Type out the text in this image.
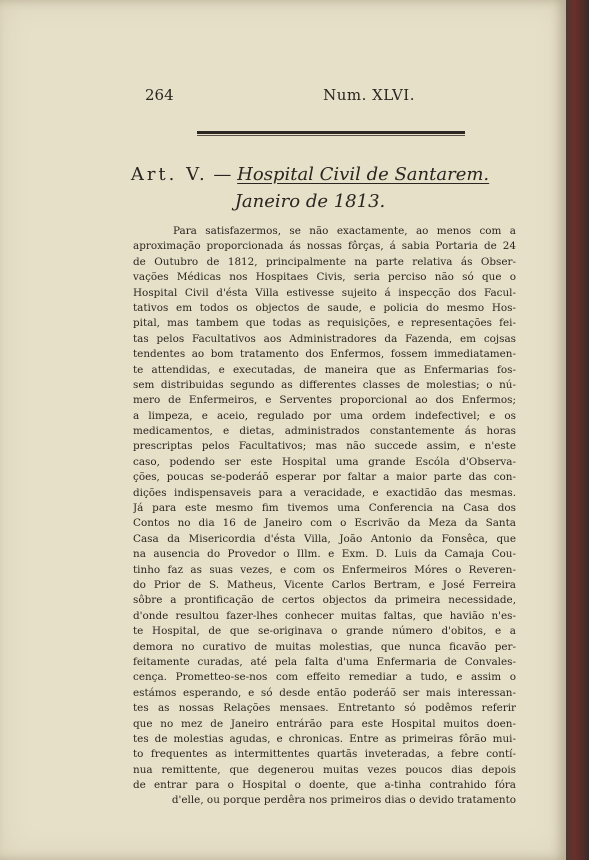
264	Num. XLVI.
Art. V. — Hospital Civil de Santarem.
Janeiro de 1813.
Para satisfazermos, se não exactamente, ao menos com a
aproximação proporcionada ás nossas fôrças, á sabia Portaria de 24
de Outubro de 1812, principalmente na parte relativa ás Obser-
vações Médicas nos Hospitaes Civis, seria perciso não só que o
Hospital Civil d'ésta Villa estivesse sujeito á inspecção dos Facul-
tativos em todos os objectos de saude, e policia do mesmo Hos-
pital, mas tambem que todas as requisições, e representações fei-
tas pelos Facultativos aos Administradores da Fazenda, em cojsas
tendentes ao bom tratamento dos Enfermos, fossem immediatamen-
te attendidas, e executadas, de maneira que as Enfermarias fos-
sem distribuidas segundo as differentes classes de molestias; o nú-
mero de Enfermeiros, e Serventes proporcional ao dos Enfermos;
a limpeza, e aceio, regulado por uma ordem indefectivel; e os
medicamentos, e dietas, administrados constantemente ás horas
prescriptas pelos Facultativos; mas não succede assim, e n'este
caso, podendo ser este Hospital uma grande Escóla d'Observa-
ções, poucas se-poderáõ esperar por faltar a maior parte das con-
dições indispensaveis para a veracidade, e exactidão das mesmas.
Já para este mesmo fim tivemos uma Conferencia na Casa dos
Contos no dia 16 de Janeiro com o Escrivão da Meza da Santa
Casa da Misericordia d'ésta Villa, João Antonio da Fonsêca, que
na ausencia do Provedor o Illm. e Exm. D. Luis da Camaja Cou-
tinho faz as suas vezes, e com os Enfermeiros Móres o Reveren-
do Prior de S. Matheus, Vicente Carlos Bertram, e José Ferreira
sôbre a prontificação de certos objectos da primeira necessidade,
d'onde resultou fazer-lhes conhecer muitas faltas, que havião n'es-
te Hospital, de que se-originava o grande número d'obitos, e a
demora no curativo de muitas molestias, que nunca ficavão per-
feitamente curadas, até pela falta d'uma Enfermaria de Convales-
cença. Prometteo-se-nos com effeito remediar a tudo, e assim o
estámos esperando, e só desde então poderáõ ser mais interessan-
tes as nossas Relações mensaes. Entretanto só podêmos referir
que no mez de Janeiro entrárão para este Hospital muitos doen-
tes de molestias agudas, e chronicas. Entre as primeiras fôrão mui-
to frequentes as intermittentes quartãs inveteradas, a febre contí-
nua remittente, que degenerou muitas vezes poucos dias depois
de entrar para o Hospital o doente, que a-tinha contrahido fóra
d'elle, ou porque perdêra nos primeiros dias o devido tratamento
